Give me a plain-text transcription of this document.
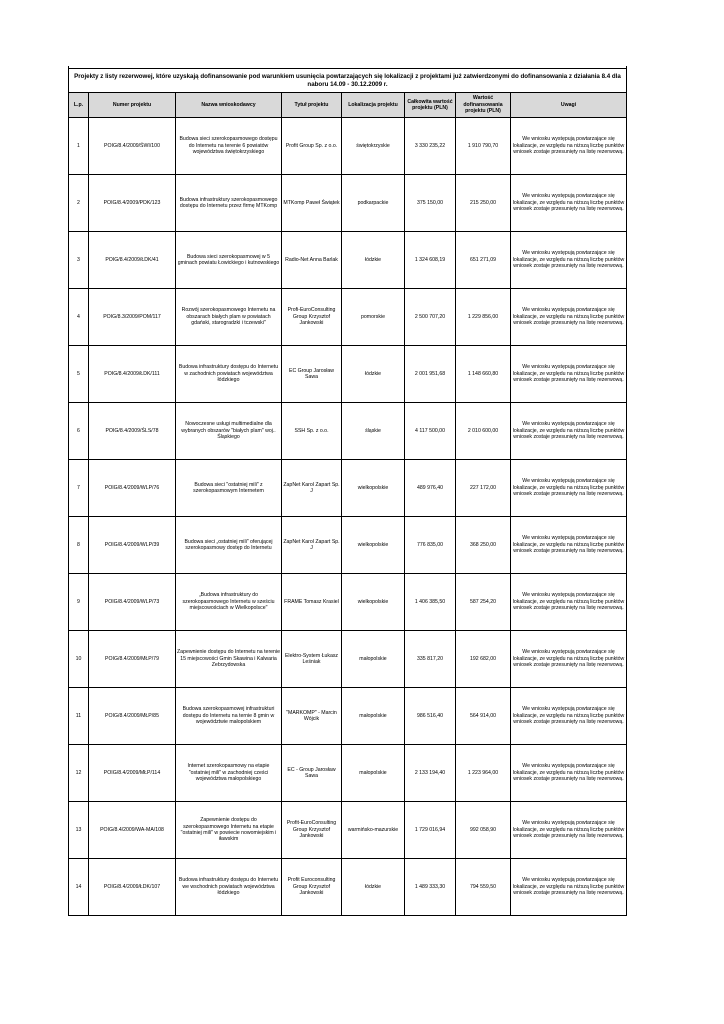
Projekty z listy rezerwowej, które uzyskają dofinansowanie pod warunkiem usunięcia powtarzających się lokalizacji z projektami już zatwierdzonymi do dofinansowania z działania 8.4 dla naboru 14.09 - 30.12.2009 r.							
L.p.	Numer projektu	Nazwa wnioskodawcy	Tytuł projektu	Lokalizacja projektu	Całkowita wartość projektu (PLN)	Wartość dofinansowania projektu (PLN)	Uwagi
1	POIG/8.4/2009/ŚWI/100	Budowa sieci szerokopasmowego dostępu do Internetu na terenie 6 powiatów województwa świętokrzyskiego	Profit Group Sp. z o.o.	świętokrzyskie	3 330 235,22	1 910 790,70	We wniosku występują powtarzające się lokalizacje, ze względu na niższą liczbę punktów wniosek zostaje przesunięty na listę rezerwową.
2	POIG/8.4/2009/PDK/123	Budowa infrastruktury szerokopasmowego dostępu do Internetu przez firmę MTKomp	MTKomp Paweł Świątek	podkarpackie	375 150,00	215 250,00	We wniosku występują powtarzające się lokalizacje, ze względu na niższą liczbę punktów wniosek zostaje przesunięty na listę rezerwową.
3	POIG/8.4/2009/ŁDK/41	Budowa sieci szerokopasmowej w 5 gminach powiatu Łowickiego i kutnowskiego	Radio-Net Anna Barlak	łódzkie	1 324 608,19	651 271,09	We wniosku występują powtarzające się lokalizacje, ze względu na niższą liczbę punktów wniosek zostaje przesunięty na listę rezerwową.
4	POIG/8.3/2009/POM/117	Rozwój szerokopasmowego Internetu na obszarach białych plam w powiatach gdański, starogradzki i tczewski"	Profi-EuroConsulting Group Krzysztof Jankowski	pomorskie	2 500 707,20	1 229 856,00	We wniosku występują powtarzające się lokalizacje, ze względu na niższą liczbę punktów wniosek zostaje przesunięty na listę rezerwową.
5	POIG/8.4/2009/ŁDK/111	Budowa infrastruktury dostępu do Internetu w zachodnich powiatach województwa łódzkiego	EC Group Jarosław Sawa	łódzkie	2 001 951,68	1 148 660,80	We wniosku występują powtarzające się lokalizacje, ze względu na niższą liczbę punktów wniosek zostaje przesunięty na listę rezerwową.
6	POIG/8.4/2009/ŚLS/78	Nowoczesne usługi multimedialne dla wybranych obszarów "białych plam" woj.. Śląskiego	SSH Sp. z o.o.	śląskie	4 117 500,00	2 010 600,00	We wniosku występują powtarzające się lokalizacje, ze względu na niższą liczbę punktów wniosek zostaje przesunięty na listę rezerwową.
7	POIG/8.4/2009/WLP/76	Budowa sieci "ostatniej mili" z szerokopasmowym Internetem	ZapNet Karol Zapart Sp. J	wielkopolskie	489 976,40	227 172,00	We wniosku występują powtarzające się lokalizacje, ze względu na niższą liczbę punktów wniosek zostaje przesunięty na listę rezerwową.
8	POIG/8.4/2009/WLP/39	Budowa sieci „ostatniej mili" oferującej szerokopasmowy dostęp do Internetu	ZapNet Karol Zapart Sp. J	wielkopolskie	776 835,00	368 250,00	We wniosku występują powtarzające się lokalizacje, ze względu na niższą liczbę punktów wniosek zostaje przesunięty na listę rezerwową.
9	POIG/8.4/2009/WLP/73	„Budowa infrastruktury do szerokopasmowego Internetu w sześciu miejscowościach w Wielkopolsce"	FRAME Tomasz Krasiel	wielkopolskie	1 406 385,50	587 254,20	We wniosku występują powtarzające się lokalizacje, ze względu na niższą liczbę punktów wniosek zostaje przesunięty na listę rezerwową.
10	POIG/8.4/2009/MŁP/79	Zapewnienie dostępu do Internetu na terenie 15 miejscowości Gmin Skawina i Kalwaria Zebrzydowska	Elektro-System Łukasz Leśniak	małopolskie	335 817,20	192 682,00	We wniosku występują powtarzające się lokalizacje, ze względu na niższą liczbę punktów wniosek zostaje przesunięty na listę rezerwową.
11	POIG/8.4/2009/MŁP/85	Budowa szerokopasmowej infrastrukturi dostępu do Internetu na ternie 8 gmin w województwie małopolskiem	"MARKOMP" - Marcin Wójcik	małopolskie	986 516,40	564 914,00	We wniosku występują powtarzające się lokalizacje, ze względu na niższą liczbę punktów wniosek zostaje przesunięty na listę rezerwową.
12	POIG/8.4/2009/MŁP/114	Internet szerokopasmowy na etapie "ostatniej mili" w zachodniej cześci województwa małopolskiego	EC - Group Jarosław Sawa	małopolskie	2 133 194,40	1 223 964,00	We wniosku występują powtarzające się lokalizacje, ze względu na niższą liczbę punktów wniosek zostaje przesunięty na listę rezerwową.
13	POIG/8.4/2009/WA-MA/108	Zapewnienie dostępu do szerokopasmowego Internetu na etapie "ostatniej mili" w powiecie nowomiejskim i iławskim	Profit-EuroConsulting Group Krzysztof Jankowski	warmińsko-mazurskie	1 729 016,94	992 058,90	We wniosku występują powtarzające się lokalizacje, ze względu na niższą liczbę punktów wniosek zostaje przesunięty na listę rezerwową.
14	POIG/8.4/2009/ŁDK/107	Budowa infrastruktury dostępu do Internetu we wschodnich powiatach województwa łódzkiego	Profit Euroconsulting Group Krzysztof Jankowski	łódzkie	1 489 333,30	794 559,50	We wniosku występują powtarzające się lokalizacje, ze względu na niższą liczbę punktów wniosek zostaje przesunięty na listę rezerwową.
